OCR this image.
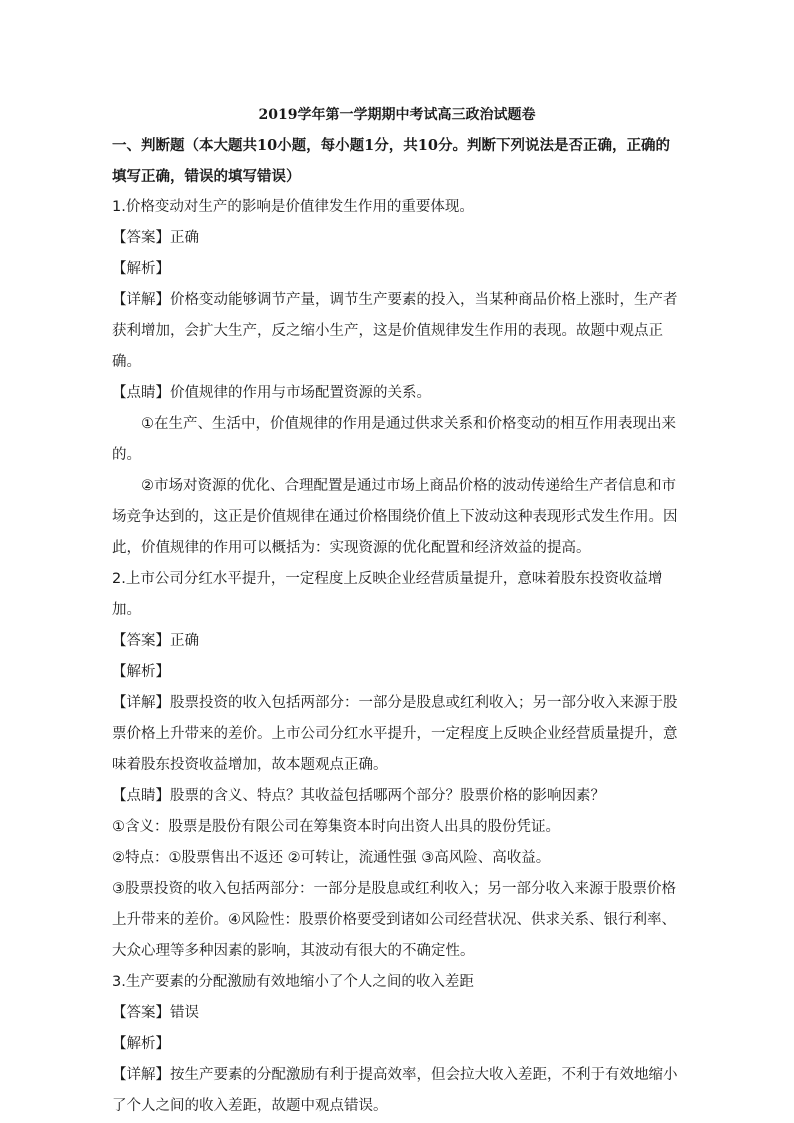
2019学年第一学期期中考试高三政治试题卷

一、判断题（本大题共10小题，每小题1分，共10分。判断下列说法是否正确，正确的填写正确，错误的填写错误）

1.价格变动对生产的影响是价值律发生作用的重要体现。

【答案】正确

【解析】

【详解】价格变动能够调节产量，调节生产要素的投入，当某种商品价格上涨时，生产者获利增加，会扩大生产，反之缩小生产，这是价值规律发生作用的表现。故题中观点正确。

【点睛】价值规律的作用与市场配置资源的关系。

①在生产、生活中，价值规律的作用是通过供求关系和价格变动的相互作用表现出来的。

②市场对资源的优化、合理配置是通过市场上商品价格的波动传递给生产者信息和市场竞争达到的，这正是价值规律在通过价格围绕价值上下波动这种表现形式发生作用。因此，价值规律的作用可以概括为：实现资源的优化配置和经济效益的提高。

2.上市公司分红水平提升，一定程度上反映企业经营质量提升，意味着股东投资收益增加。

【答案】正确

【解析】

【详解】股票投资的收入包括两部分：一部分是股息或红利收入；另一部分收入来源于股票价格上升带来的差价。上市公司分红水平提升，一定程度上反映企业经营质量提升，意味着股东投资收益增加，故本题观点正确。

【点睛】股票的含义、特点？其收益包括哪两个部分？股票价格的影响因素？

①含义：股票是股份有限公司在筹集资本时向出资人出具的股份凭证。

②特点：①股票售出不返还 ②可转让，流通性强 ③高风险、高收益。

③股票投资的收入包括两部分：一部分是股息或红利收入；另一部分收入来源于股票价格上升带来的差价。④风险性：股票价格要受到诸如公司经营状况、供求关系、银行利率、大众心理等多种因素的影响，其波动有很大的不确定性。

3.生产要素的分配激励有效地缩小了个人之间的收入差距

【答案】错误

【解析】

【详解】按生产要素的分配激励有利于提高效率，但会拉大收入差距，不利于有效地缩小了个人之间的收入差距，故题中观点错误。
